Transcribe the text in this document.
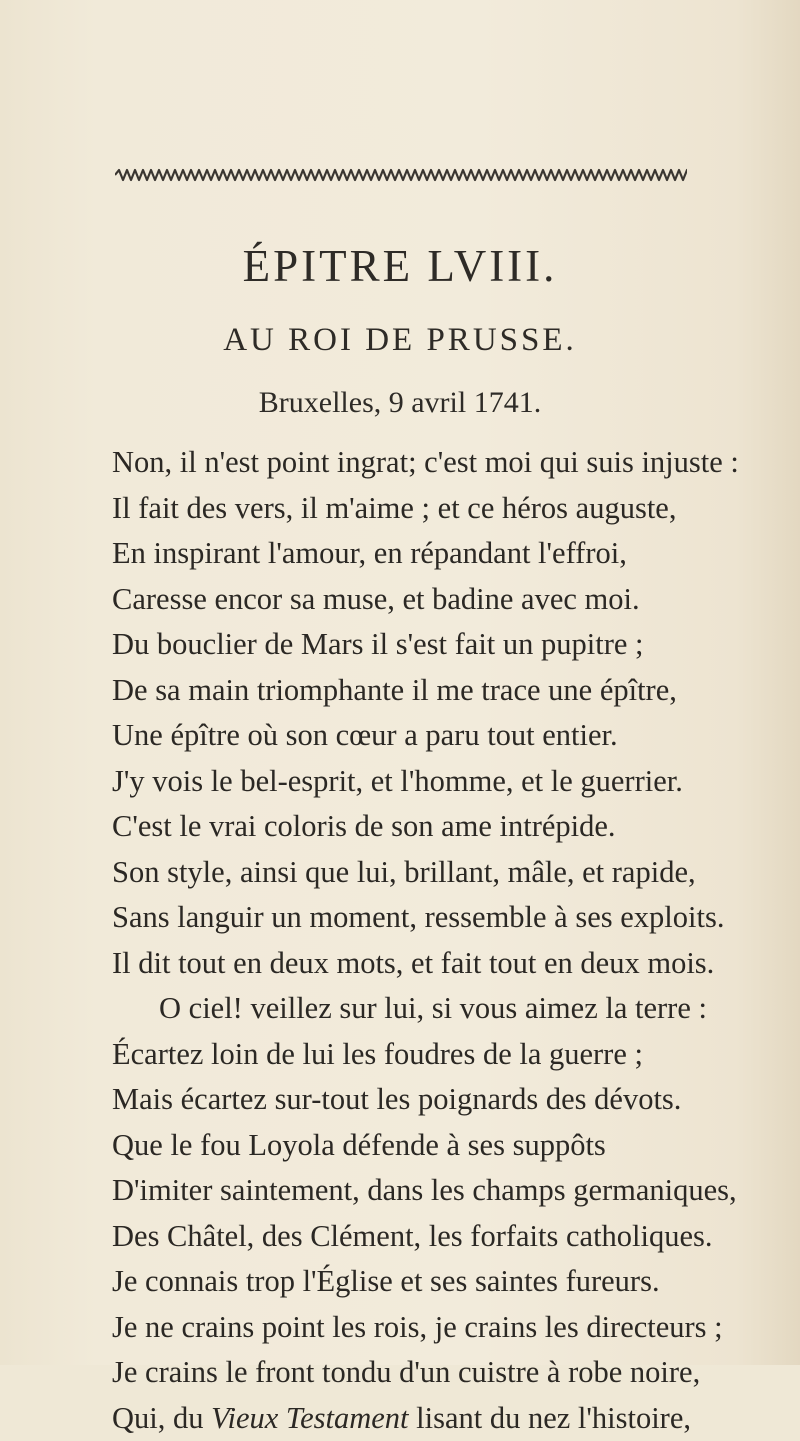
ÉPITRE LVIII.
AU ROI DE PRUSSE.
Bruxelles, 9 avril 1741.
Non, il n'est point ingrat; c'est moi qui suis injuste :
Il fait des vers, il m'aime ; et ce héros auguste,
En inspirant l'amour, en répandant l'effroi,
Caresse encor sa muse, et badine avec moi.
Du bouclier de Mars il s'est fait un pupitre ;
De sa main triomphante il me trace une épître,
Une épître où son cœur a paru tout entier.
J'y vois le bel-esprit, et l'homme, et le guerrier.
C'est le vrai coloris de son ame intrépide.
Son style, ainsi que lui, brillant, mâle, et rapide,
Sans languir un moment, ressemble à ses exploits.
Il dit tout en deux mots, et fait tout en deux mois.
O ciel! veillez sur lui, si vous aimez la terre :
Écartez loin de lui les foudres de la guerre ;
Mais écartez sur-tout les poignards des dévots.
Que le fou Loyola défende à ses suppôts
D'imiter saintement, dans les champs germaniques,
Des Châtel, des Clément, les forfaits catholiques.
Je connais trop l'Église et ses saintes fureurs.
Je ne crains point les rois, je crains les directeurs ;
Je crains le front tondu d'un cuistre à robe noire,
Qui, du Vieux Testament lisant du nez l'histoire,
